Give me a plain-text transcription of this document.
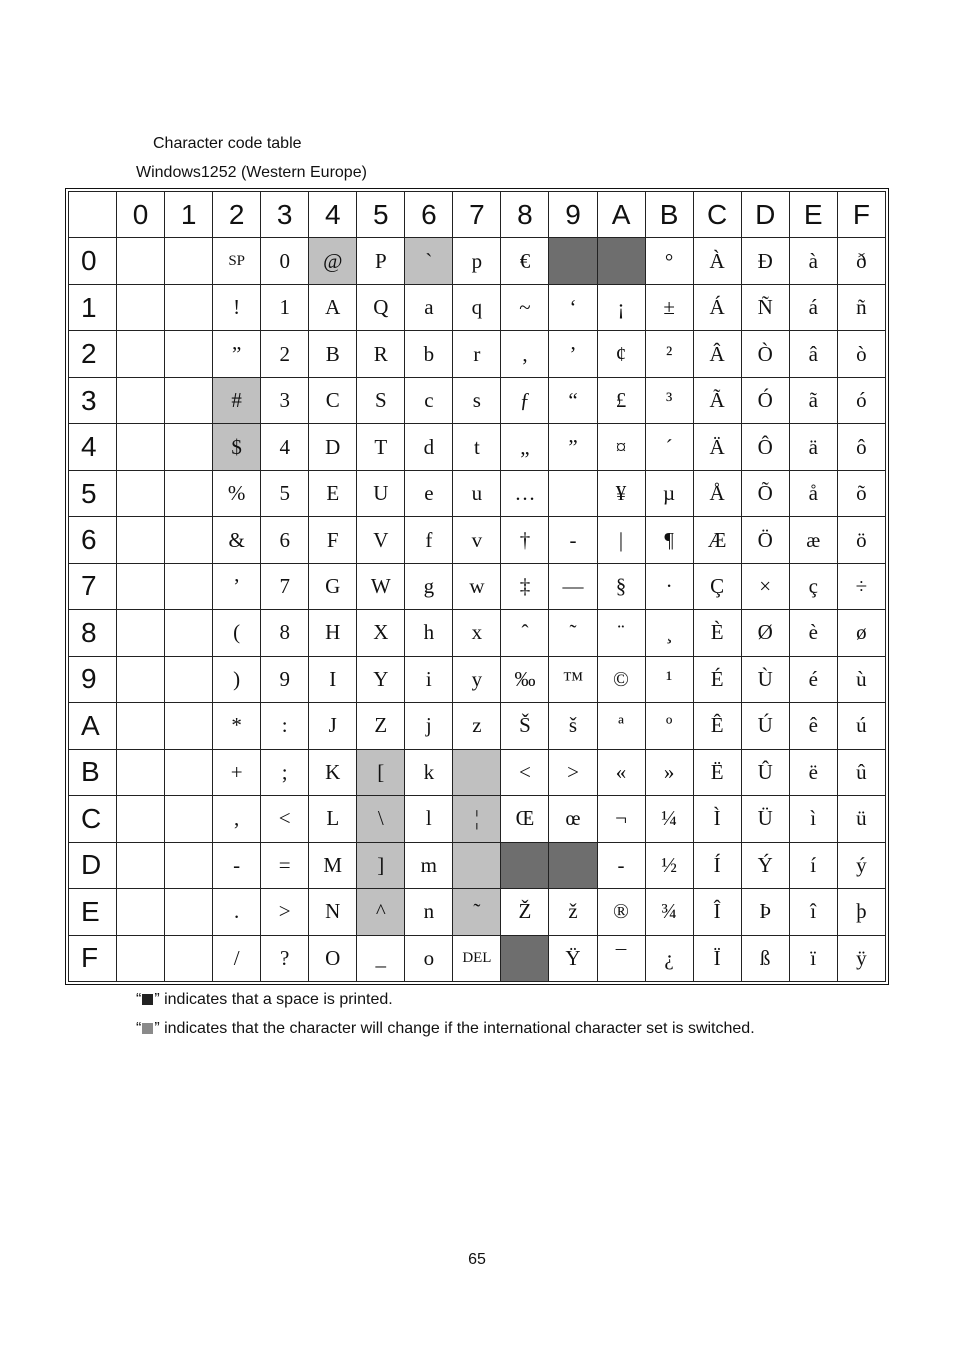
Character code table
Windows1252 (Western Europe)
	0	1	2	3	4	5	6	7	8	9	A	B	C	D	E	F
0			SP	0	@	P	`	p	€			°	À	Ð	à	ð
1			!	1	A	Q	a	q	~	‘	¡	±	Á	Ñ	á	ñ
2			”	2	B	R	b	r	,	’	¢	²	Â	Ò	â	ò
3			#	3	C	S	c	s	ƒ	“	£	³	Ã	Ó	ã	ó
4			$	4	D	T	d	t	„	”	¤	´	Ä	Ô	ä	ô
5			%	5	E	U	e	u	…		¥	µ	Å	Õ	å	õ
6			&	6	F	V	f	v	†	-	|	¶	Æ	Ö	æ	ö
7			’	7	G	W	g	w	‡	—	§	·	Ç	×	ç	÷
8			(	8	H	X	h	x	ˆ	˜	¨	¸	È	Ø	è	ø
9			)	9	I	Y	i	y	‰	™	©	¹	É	Ù	é	ù
A			*	:	J	Z	j	z	Š	š	ª	º	Ê	Ú	ê	ú
B			+	;	K	[	k		<	>	«	»	Ë	Û	ë	û
C			,	<	L	\	l	¦	Œ	œ	¬	¼	Ì	Ü	ì	ü
D			-	=	M	]	m				-	½	Í	Ý	í	ý
E			.	>	N	^	n	˜	Ž	ž	®	¾	Î	Þ	î	þ
F			/	?	O	_	o	DEL		Ÿ	¯	¿	Ï	ß	ï	ÿ
“ ” indicates that a space is printed.
“ ” indicates that the character will change if the international character set is switched.
65
